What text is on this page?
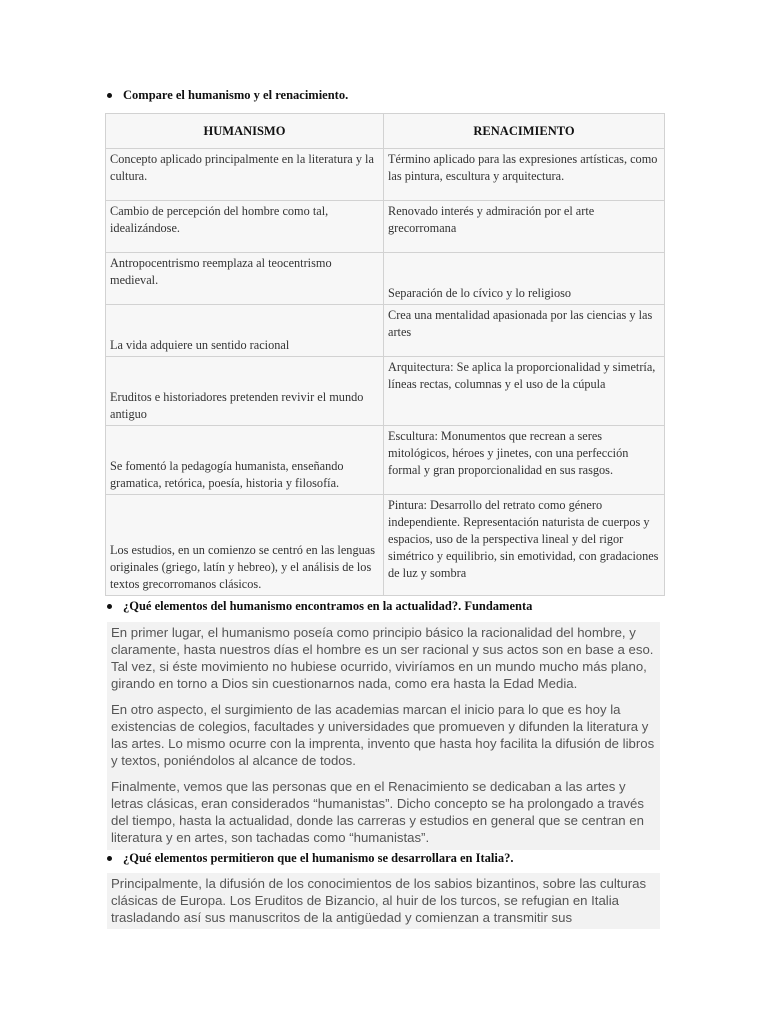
Compare el humanismo y el renacimiento.
HUMANISMO	RENACIMIENTO
Concepto aplicado principalmente en la literatura y la cultura.	Término aplicado para las expresiones artísticas, como las pintura, escultura y arquitectura.
Cambio de percepción del hombre como tal, idealizándose.	Renovado interés y admiración por el arte grecorromana
Antropocentrismo reemplaza al teocentrismo medieval.	Separación de lo cívico y lo religioso
La vida adquiere un sentido racional	Crea una mentalidad apasionada por las ciencias y las artes
Eruditos e historiadores pretenden revivir el mundo antiguo	Arquitectura: Se aplica la proporcionalidad y simetría, líneas rectas, columnas y el uso de la cúpula
Se fomentó la pedagogía humanista, enseñando gramatica, retórica, poesía, historia y filosofía.	Escultura: Monumentos que recrean a seres mitológicos, héroes y jinetes, con una perfección formal y gran proporcionalidad en sus rasgos.
Los estudios, en un comienzo se centró en las lenguas originales (griego, latín y hebreo), y el análisis de los textos grecorromanos clásicos.	Pintura: Desarrollo del retrato como género independiente. Representación naturista de cuerpos y espacios, uso de la perspectiva lineal y del rigor simétrico y equilibrio, sin emotividad, con gradaciones de luz y sombra
¿Qué elementos del humanismo encontramos en la actualidad?. Fundamenta

En primer lugar, el humanismo poseía como principio básico la racionalidad del hombre, y claramente, hasta nuestros días el hombre es un ser racional y sus actos son en base a eso. Tal vez, si éste movimiento no hubiese ocurrido, viviríamos en un mundo mucho más plano, girando en torno a Dios sin cuestionarnos nada, como era hasta la Edad Media.

En otro aspecto, el surgimiento de las academias marcan el inicio para lo que es hoy la existencias de colegios, facultades y universidades que promueven y difunden la literatura y las artes. Lo mismo ocurre con la imprenta, invento que hasta hoy facilita la difusión de libros y textos, poniéndolos al alcance de todos.

Finalmente, vemos que las personas que en el Renacimiento se dedicaban a las artes y letras clásicas, eran considerados “humanistas”. Dicho concepto se ha prolongado a través del tiempo, hasta la actualidad, donde las carreras y estudios en general que se centran en literatura y en artes, son tachadas como “humanistas”.

¿Qué elementos permitieron que el humanismo se desarrollara en Italia?.

Principalmente, la difusión de los conocimientos de los sabios bizantinos, sobre las culturas clásicas de Europa. Los Eruditos de Bizancio, al huir de los turcos, se refugian en Italia trasladando así sus manuscritos de la antigüedad y comienzan a transmitir sus
